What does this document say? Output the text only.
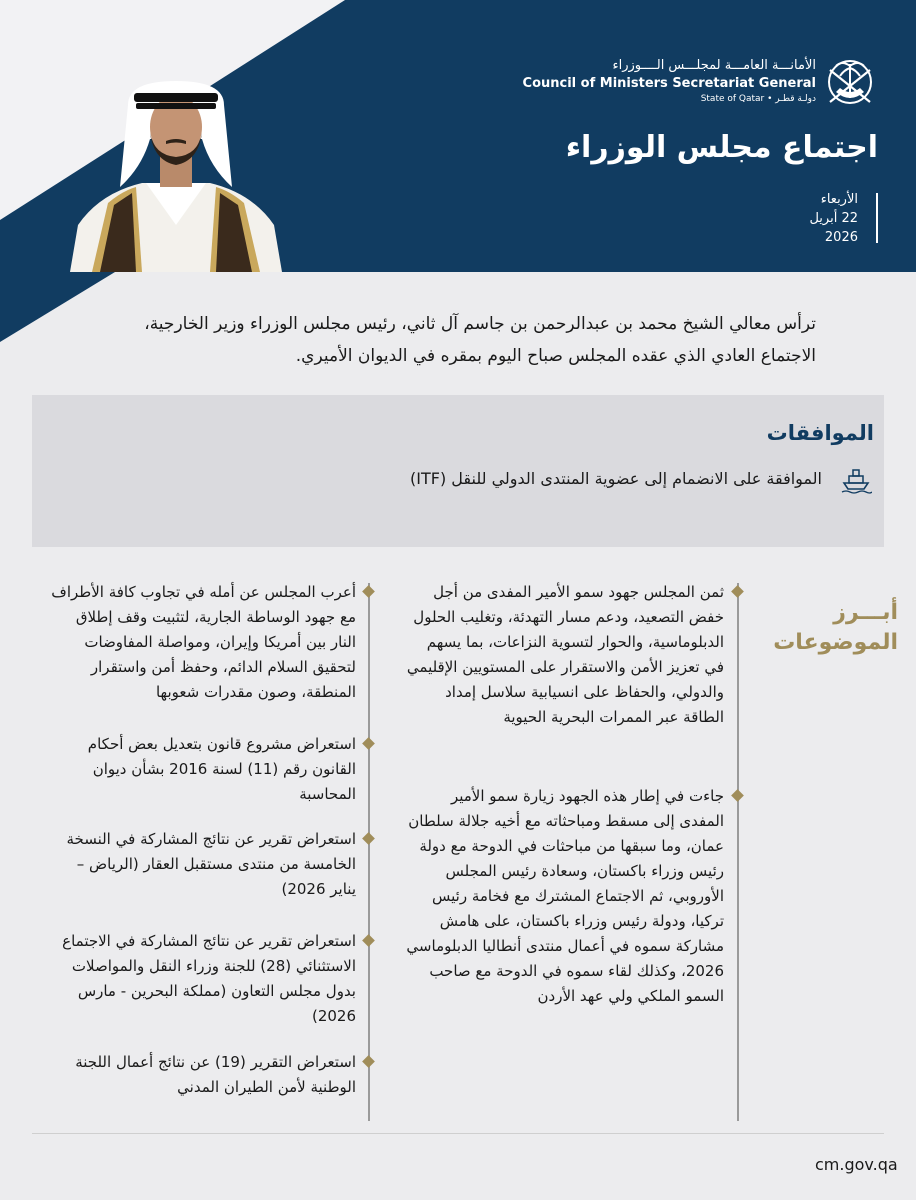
الأمانـــة العامـــة لمجلـــس الــــوزراء
Council of Ministers Secretariat General
State of Qatar • دولـة قطـر
اجتماع مجلس الوزراء
الأربعاء
22 أبريل
2026
ترأس معالي الشيخ محمد بن عبدالرحمن بن جاسم آل ثاني، رئيس مجلس الوزراء وزير الخارجية، الاجتماع العادي الذي عقده المجلس صباح اليوم بمقره في الديوان الأميري.
الموافقات
الموافقة على الانضمام إلى عضوية المنتدى الدولي للنقل (ITF)
أبـــرز
الموضوعات
ثمن المجلس جهود سمو الأمير المفدى من أجل خفض التصعيد، ودعم مسار التهدئة، وتغليب الحلول الدبلوماسية، والحوار لتسوية النزاعات، بما يسهم في تعزيز الأمن والاستقرار على المستويين الإقليمي والدولي، والحفاظ على انسيابية سلاسل إمداد الطاقة عبر الممرات البحرية الحيوية
جاءت في إطار هذه الجهود زيارة سمو الأمير المفدى إلى مسقط ومباحثاته مع أخيه جلالة سلطان عمان، وما سبقها من مباحثات في الدوحة مع دولة رئيس وزراء باكستان، وسعادة رئيس المجلس الأوروبي، ثم الاجتماع المشترك مع فخامة رئيس تركيا، ودولة رئيس وزراء باكستان، على هامش مشاركة سموه في أعمال منتدى أنطاليا الدبلوماسي 2026، وكذلك لقاء سموه في الدوحة مع صاحب السمو الملكي ولي عهد الأردن
أعرب المجلس عن أمله في تجاوب كافة الأطراف مع جهود الوساطة الجارية، لتثبيت وقف إطلاق النار بين أمريكا وإيران، ومواصلة المفاوضات لتحقيق السلام الدائم، وحفظ أمن واستقرار المنطقة، وصون مقدرات شعوبها
استعراض مشروع قانون بتعديل بعض أحكام القانون رقم (11) لسنة 2016 بشأن ديوان المحاسبة
استعراض تقرير عن نتائج المشاركة في النسخة الخامسة من منتدى مستقبل العقار (الرياض – يناير 2026)
استعراض تقرير عن نتائج المشاركة في الاجتماع الاستثنائي (28) للجنة وزراء النقل والمواصلات بدول مجلس التعاون (مملكة البحرين - مارس 2026)
استعراض التقرير (19) عن نتائج أعمال اللجنة الوطنية لأمن الطيران المدني
cm.gov.qa
